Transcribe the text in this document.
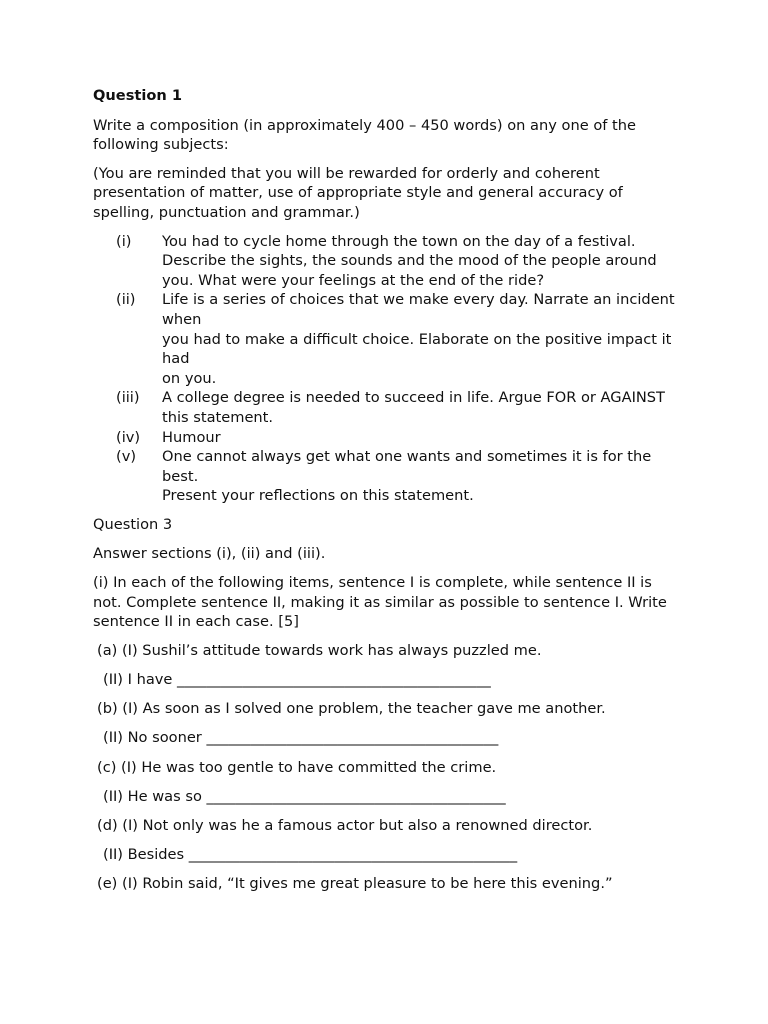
Question 1
Write a composition (in approximately 400 – 450 words) on any one of the following subjects:
(You are reminded that you will be rewarded for orderly and coherent presentation of matter, use of appropriate style and general accuracy of spelling, punctuation and grammar.)
(i)	You had to cycle home through the town on the day of a festival. Describe the sights, the sounds and the mood of the people around you. What were your feelings at the end of the ride?
(ii)	Life is a series of choices that we make every day. Narrate an incident when
you had to make a difficult choice. Elaborate on the positive impact it had
on you.
(iii)	A college degree is needed to succeed in life. Argue FOR or AGAINST
this statement.
(iv)	Humour
(v)	One cannot always get what one wants and sometimes it is for the best.
Present your reflections on this statement.
Question 3
Answer sections (i), (ii) and (iii).
(i) In each of the following items, sentence I is complete, while sentence II is not. Complete sentence II, making it as similar as possible to sentence I. Write sentence II in each case. [5]
(a) (I) Sushil’s attitude towards work has always puzzled me.
(II) I have ___________________________________________
(b) (I) As soon as I solved one problem, the teacher gave me another.
(II) No sooner ________________________________________
(c) (I) He was too gentle to have committed the crime.
(II) He was so _________________________________________
(d) (I) Not only was he a famous actor but also a renowned director.
(II) Besides _____________________________________________
(e) (I) Robin said, “It gives me great pleasure to be here this evening.”
